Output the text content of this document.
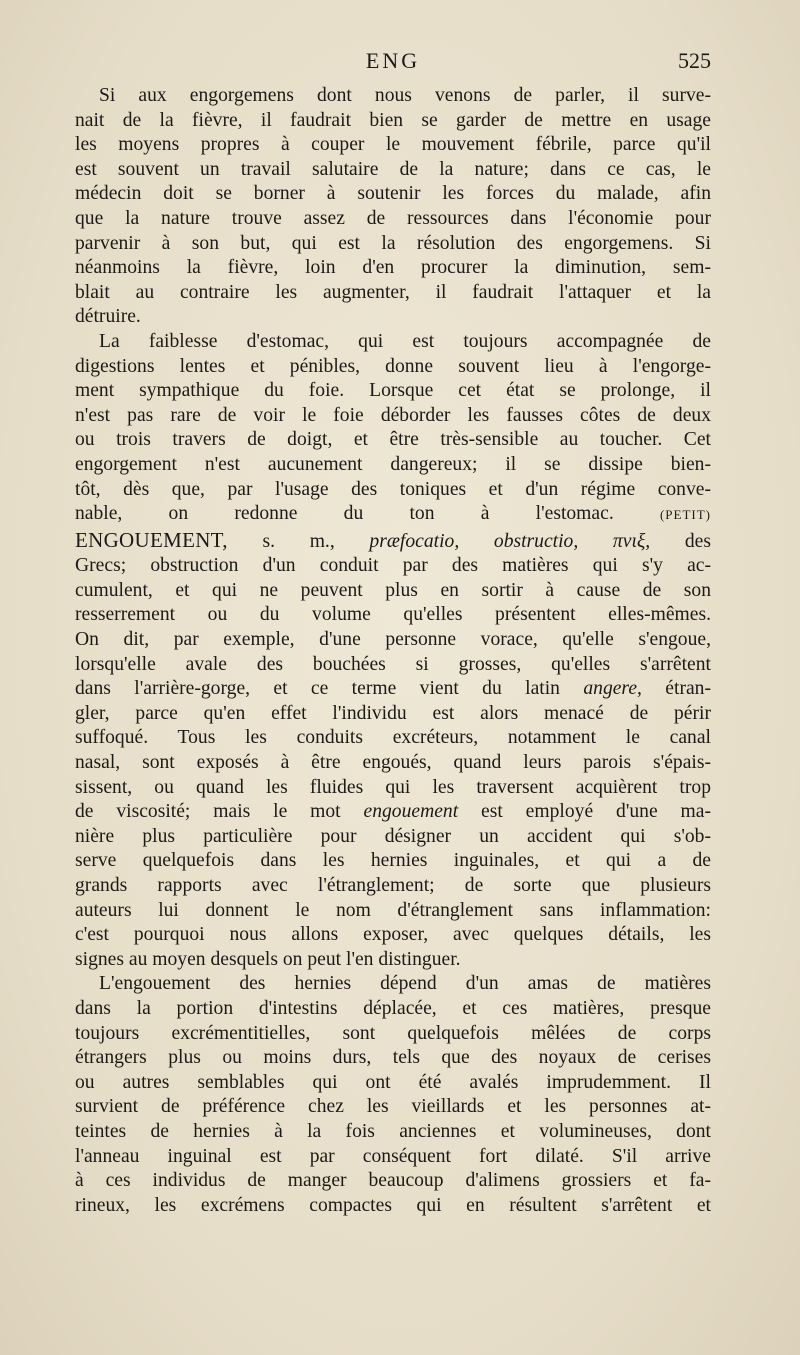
ENG	525
Si aux engorgemens dont nous venons de parler, il surve-
nait de la fièvre, il faudrait bien se garder de mettre en usage
les moyens propres à couper le mouvement fébrile, parce qu'il
est souvent un travail salutaire de la nature; dans ce cas, le
médecin doit se borner à soutenir les forces du malade, afin
que la nature trouve assez de ressources dans l'économie pour
parvenir à son but, qui est la résolution des engorgemens. Si
néanmoins la fièvre, loin d'en procurer la diminution, sem-
blait au contraire les augmenter, il faudrait l'attaquer et la
détruire.
La faiblesse d'estomac, qui est toujours accompagnée de
digestions lentes et pénibles, donne souvent lieu à l'engorge-
ment sympathique du foie. Lorsque cet état se prolonge, il
n'est pas rare de voir le foie déborder les fausses côtes de deux
ou trois travers de doigt, et être très-sensible au toucher. Cet
engorgement n'est aucunement dangereux; il se dissipe bien-
tôt, dès que, par l'usage des toniques et d'un régime conve-
nable, on redonne du ton à l'estomac.	(PETIT)
ENGOUEMENT, s. m., præfocatio, obstructio, πνιξ, des
Grecs; obstruction d'un conduit par des matières qui s'y ac-
cumulent, et qui ne peuvent plus en sortir à cause de son
resserrement ou du volume qu'elles présentent elles-mêmes.
On dit, par exemple, d'une personne vorace, qu'elle s'engoue,
lorsqu'elle avale des bouchées si grosses, qu'elles s'arrêtent
dans l'arrière-gorge, et ce terme vient du latin angere, étran-
gler, parce qu'en effet l'individu est alors menacé de périr
suffoqué. Tous les conduits excréteurs, notamment le canal
nasal, sont exposés à être engoués, quand leurs parois s'épais-
sissent, ou quand les fluides qui les traversent acquièrent trop
de viscosité; mais le mot engouement est employé d'une ma-
nière plus particulière pour désigner un accident qui s'ob-
serve quelquefois dans les hernies inguinales, et qui a de
grands rapports avec l'étranglement; de sorte que plusieurs
auteurs lui donnent le nom d'étranglement sans inflammation:
c'est pourquoi nous allons exposer, avec quelques détails, les
signes au moyen desquels on peut l'en distinguer.
L'engouement des hernies dépend d'un amas de matières
dans la portion d'intestins déplacée, et ces matières, presque
toujours excrémentitielles, sont quelquefois mêlées de corps
étrangers plus ou moins durs, tels que des noyaux de cerises
ou autres semblables qui ont été avalés imprudemment. Il
survient de préférence chez les vieillards et les personnes at-
teintes de hernies à la fois anciennes et volumineuses, dont
l'anneau inguinal est par conséquent fort dilaté. S'il arrive
à ces individus de manger beaucoup d'alimens grossiers et fa-
rineux, les excrémens compactes qui en résultent s'arrêtent et
